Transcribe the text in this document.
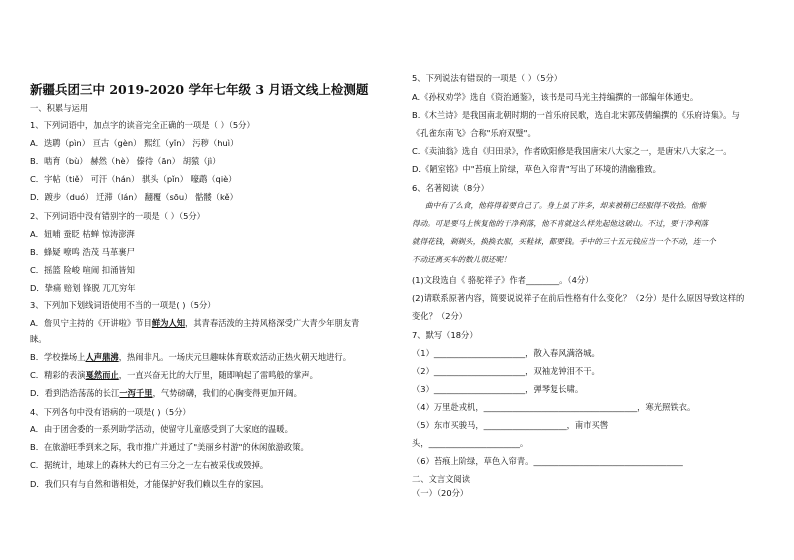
新疆兵团三中 2019-2020 学年七年级 3 月语文线上检测题
一、积累与运用
1、下列词语中，加点字的读音完全正确的一项是（ ）（5分）
A．迭聘（pìn） 亘古（gèn） 熙红（yǐn） 污秽（huì）
B．啮育（bù） 赫然（hè） 傣待（ān） 胡猿（jì）
C．宇帖（tiě） 可汗（hán） 骐头（pǐn） 嚎鹉（qiè）
D．踱步（duó） 迁滞（lán） 翻覆（sōu） 骷髅（kě）
2、下列词语中没有错别字的一项是（ ）（5分）
A．妞哺 蚕眨 枯蝉 惊涛澎湃
B．蜂疑 嘹鸣 浩茂 马革裹尸
C．摇篮 险峻 喧闹 扣涌皆知
D．挚痛 赔划 锋脱 兀兀穷年
3、下列加下划线词语使用不当的一项是( )（5分）
A．詹贝宁主持的《开讲啦》节目鲜为人知，其青春活泼的主持风格深受广大青少年朋友青
睐。
B．学校操场上人声鼎沸，热闹非凡。一场庆元旦趣味体育联欢活动正热火朝天地进行。
C．精彩的表演戛然而止，一直兴奋无比的大厅里，随即响起了雷鸣般的掌声。
D．看到浩浩荡荡的长江一泻千里，气势磅礴，我们的心胸变得更加开阔。
4、下列各句中没有语病的一项是( )（5分）
A．由于团舍委的一系列助学活动，使留守儿童感受到了大家庭的温暖。
B．在旅游旺季到来之际，我市推广并通过了"美丽乡村游"的休闲旅游政策。
C．据统计，地球上的森林大约已有三分之一左右被采伐或毁掉。
D．我们只有与自然和谐相处，才能保护好我们赖以生存的家园。
5、下列说法有错误的一项是（ ）（5分）
A.《孙权劝学》选自《资治通鉴》，该书是司马光主持编撰的一部编年体通史。
B.《木兰诗》是我国南北朝时期的一首乐府民歌，选自北宋郭茂倩编撰的《乐府诗集》。与
《孔雀东南飞》合称"乐府双璧"。
C.《卖油翁》选自《归田录》，作者欧阳修是我国唐宋八大家之一，是唐宋八大家之一。
D.《陋室铭》中"苔痕上阶绿，草色入帘青"写出了环境的清幽雅致。
6、名著阅读（8分）
曲中有了么食，他将得着要自己了。身上虽了许多，却来被稍已经服得不收拾。他惭
得动。可是要马上恢复他的干净利落，他不肯就这么样先起他这破山。不过，要干净利落
就得花钱，剃剃头，换换衣服，买鞋袜，都要钱。手中的三十五元钱应当一个不动，连一个
不动还离买车的数儿很还呢！
(1)文段选自《 骆驼祥子》作者________。（4分）
(2)请联系原著内容，简要说说祥子在前后性格有什么变化？（2分）是什么原因导致这样的
变化？（2分）
7、默写（18分）
（1）______________________，散入春风满洛城。
（2）______________________，双袖龙钟泪不干。
（3）______________________，弹琴复长啸。
（4）万里赴戎机，_____________________________________，寒光照铁衣。
（5）东市买骏马，____________________，南市买辔
头，______________________。
（6）苔痕上阶绿，草色入帘青。____________________________________
二、文言文阅读
（一）（20分）
